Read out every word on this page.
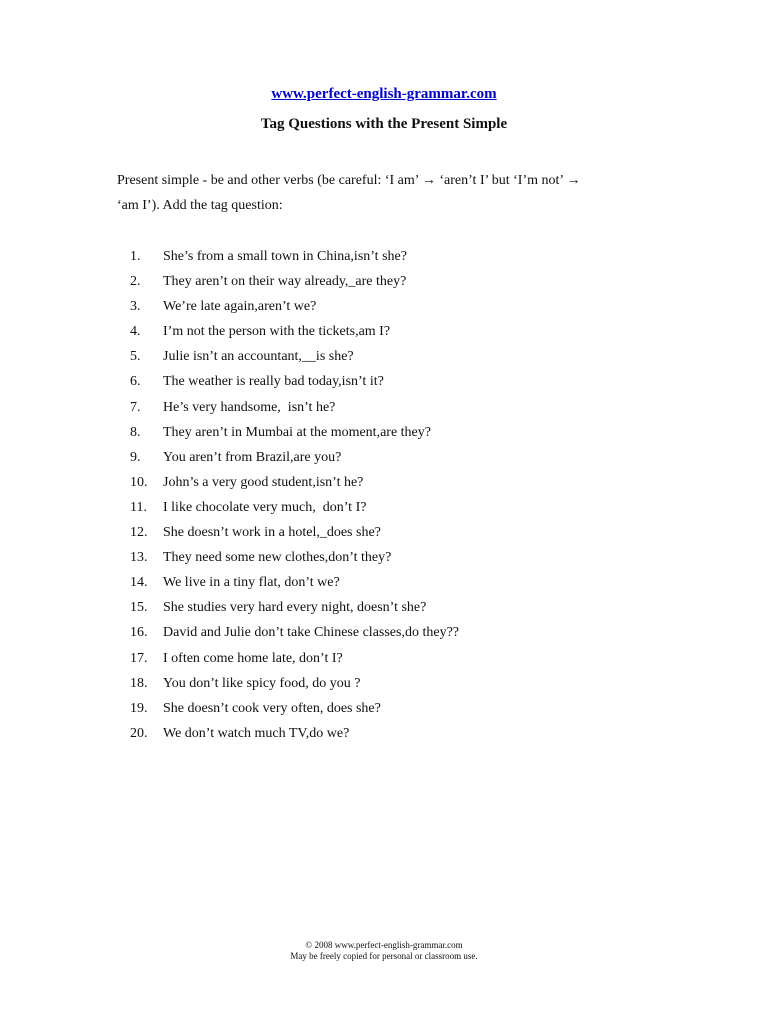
www.perfect-english-grammar.com
Tag Questions with the Present Simple
Present simple - be and other verbs (be careful: ‘I am’ → ‘aren’t I’ but ‘I’m not’ →
‘am I’). Add the tag question:
1.	She’s from a small town in China,isn’t she?
2.	They aren’t on their way already,_are they?
3.	We’re late again,aren’t we?
4.	I’m not the person with the tickets,am I?
5.	Julie isn’t an accountant,__is she?
6.	The weather is really bad today,isn’t it?
7.	He’s very handsome,  isn’t he?
8.	They aren’t in Mumbai at the moment,are they?
9.	You aren’t from Brazil,are you?
10.	John’s a very good student,isn’t he?
11.	I like chocolate very much,  don’t I?
12.	She doesn’t work in a hotel,_does she?
13.	They need some new clothes,don’t they?
14.	We live in a tiny flat, don’t we?
15.	She studies very hard every night, doesn’t she?
16.	David and Julie don’t take Chinese classes,do they??
17.	I often come home late, don’t I?
18.	You don’t like spicy food, do you ?
19.	She doesn’t cook very often, does she?
20.	We don’t watch much TV,do we?
© 2008 www.perfect-english-grammar.com
May be freely copied for personal or classroom use.
